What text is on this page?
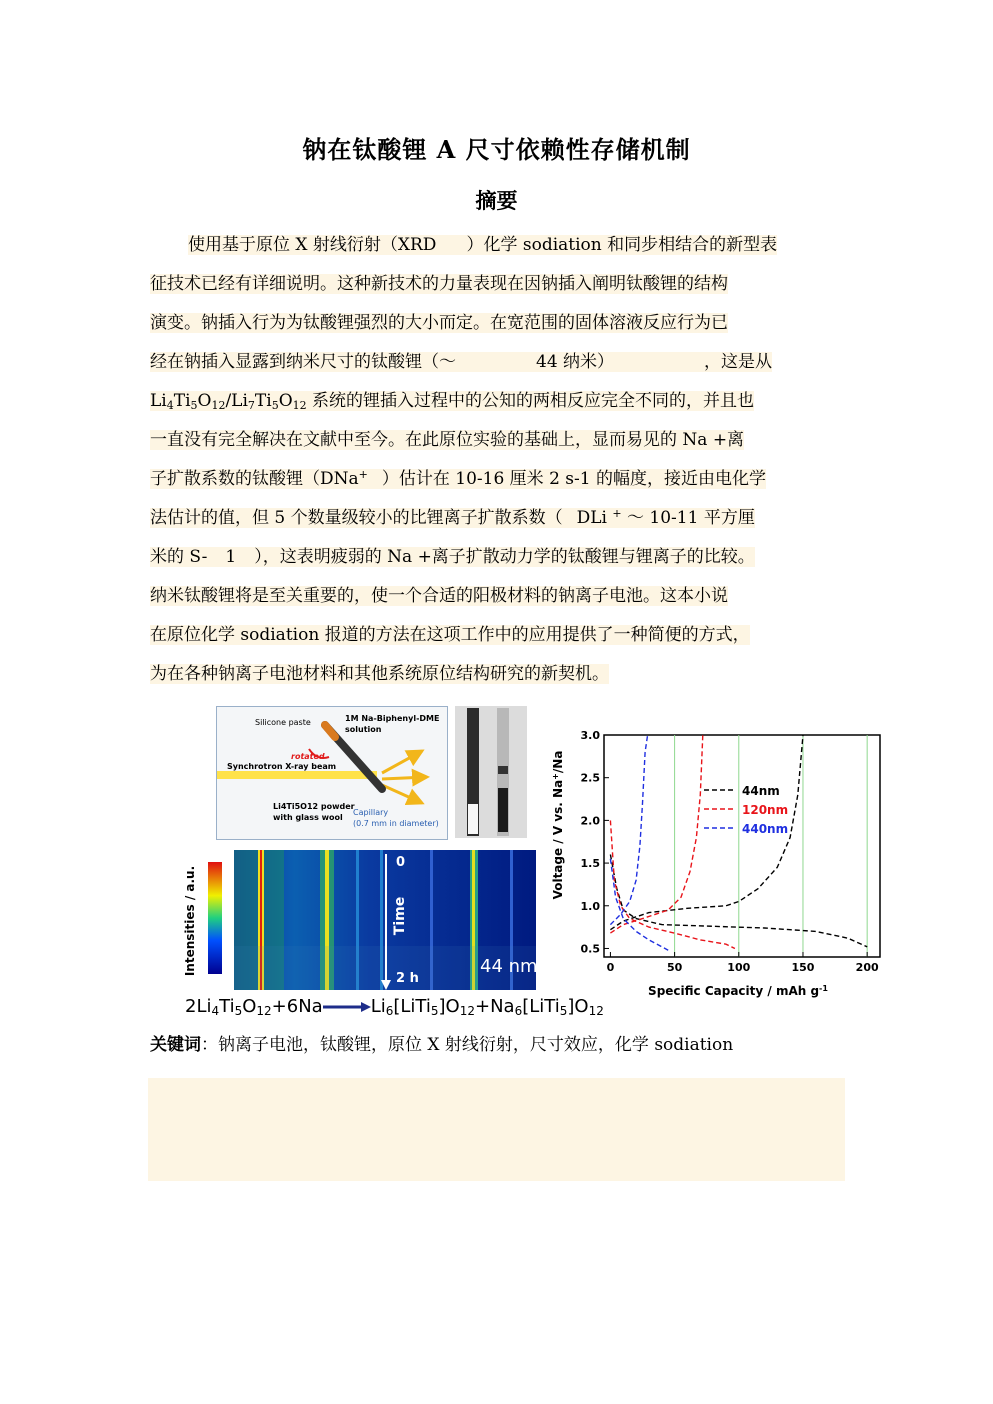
钠在钛酸锂 A 尺寸依赖性存储机制
摘要
使用基于原位 X 射线衍射（XRD ）化学 sodiation 和同步相结合的新型表
征技术已经有详细说明。这种新技术的力量表现在因钠插入阐明钛酸锂的结构
演变。钠插入行为为钛酸锂强烈的大小而定。在宽范围的固体溶液反应行为已
经在钠插入显露到纳米尺寸的钛酸锂（～	44 纳米）	，这是从
$Li_4Ti_5O_{12}/Li_7Ti_5O_{12}$ 系统的锂插入过程中的公知的两相反应完全不同的，并且也
一直没有完全解决在文献中至今。在此原位实验的基础上，显而易见的 Na +离
子扩散系数的钛酸锂（DNa+ ）估计在 10-16 厘米 2 s-1 的幅度，接近由电化学
法估计的值，但 5 个数量级较小的比锂离子扩散系数（ DLi + ～ 10-11 平方厘
米的 S- 1 ），这表明疲弱的 Na +离子扩散动力学的钛酸锂与锂离子的比较。
纳米钛酸锂将是至关重要的，使一个合适的阳极材料的钠离子电池。这本小说
在原位化学 sodiation 报道的方法在这项工作中的应用提供了一种简便的方式，
为在各种钠离子电池材料和其他系统原位结构研究的新契机。
Silicone paste	1M Na-Biphenyl-DME
solution
rotated
Synchrotron X-ray beam
Li4Ti5O12 powder
with glass wool
Capillary
(0.7 mm in diameter)
Intensities / a.u.
0
Time
2 h
44 nm
$2Li_4Ti_5O_{12}+6Na\to Li_6[LiTi_5]O_{12}+Na_6[LiTi_5]O_{12}$
Voltage / V vs. Na+/Na
Specific Capacity / mAh $g^{-1}$
0	50	100	150	200
0.5
1.0
1.5
2.0
2.5
3.0
44nm
120nm
440nm
关键词：钠离子电池，钛酸锂，原位 X 射线衍射，尺寸效应，化学 sodiation
